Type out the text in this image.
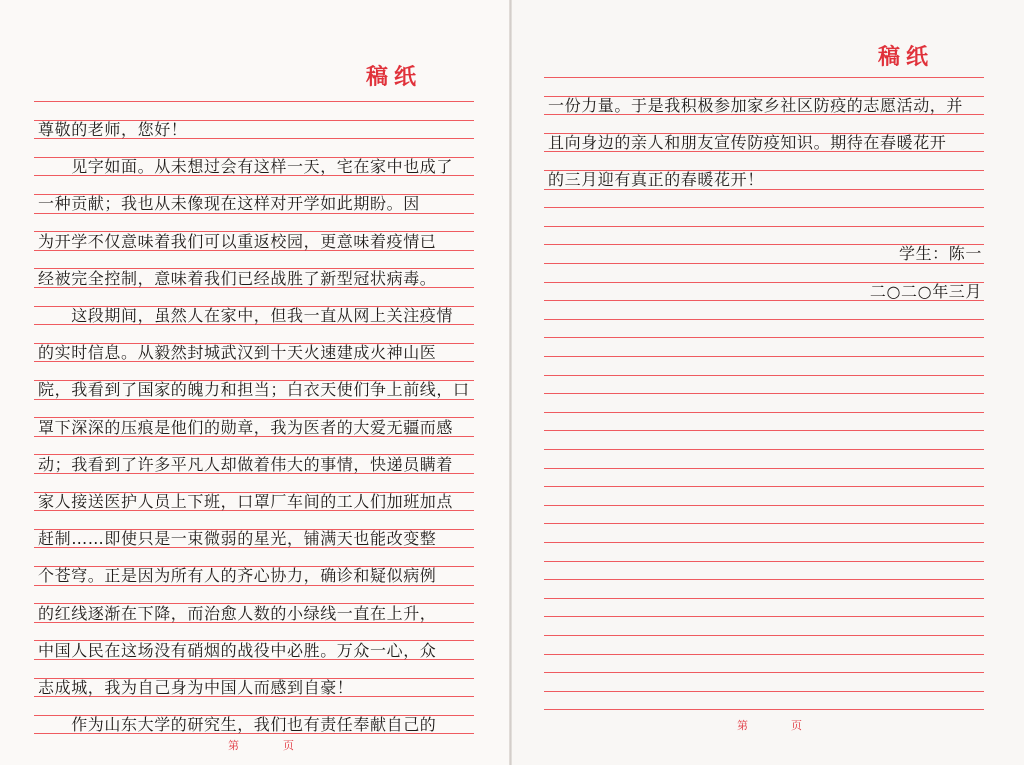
稿纸
尊敬的老师，您好！
　　见字如面。从未想过会有这样一天，宅在家中也成了
一种贡献；我也从未像现在这样对开学如此期盼。因
为开学不仅意味着我们可以重返校园，更意味着疫情已
经被完全控制，意味着我们已经战胜了新型冠状病毒。
　　这段期间，虽然人在家中，但我一直从网上关注疫情
的实时信息。从毅然封城武汉到十天火速建成火神山医
院，我看到了国家的魄力和担当；白衣天使们争上前线，口
罩下深深的压痕是他们的勋章，我为医者的大爱无疆而感
动；我看到了许多平凡人却做着伟大的事情，快递员瞒着
家人接送医护人员上下班，口罩厂车间的工人们加班加点
赶制……即使只是一束微弱的星光，铺满天也能改变整
个苍穹。正是因为所有人的齐心协力，确诊和疑似病例
的红线逐渐在下降，而治愈人数的小绿线一直在上升，
中国人民在这场没有硝烟的战役中必胜。万众一心，众
志成城，我为自己身为中国人而感到自豪！
　　作为山东大学的研究生，我们也有责任奉献自己的
第	页
稿纸
一份力量。于是我积极参加家乡社区防疫的志愿活动，并
且向身边的亲人和朋友宣传防疫知识。期待在春暖花开
的三月迎有真正的春暖花开！
学生：陈一
二○二○年三月
第	页
